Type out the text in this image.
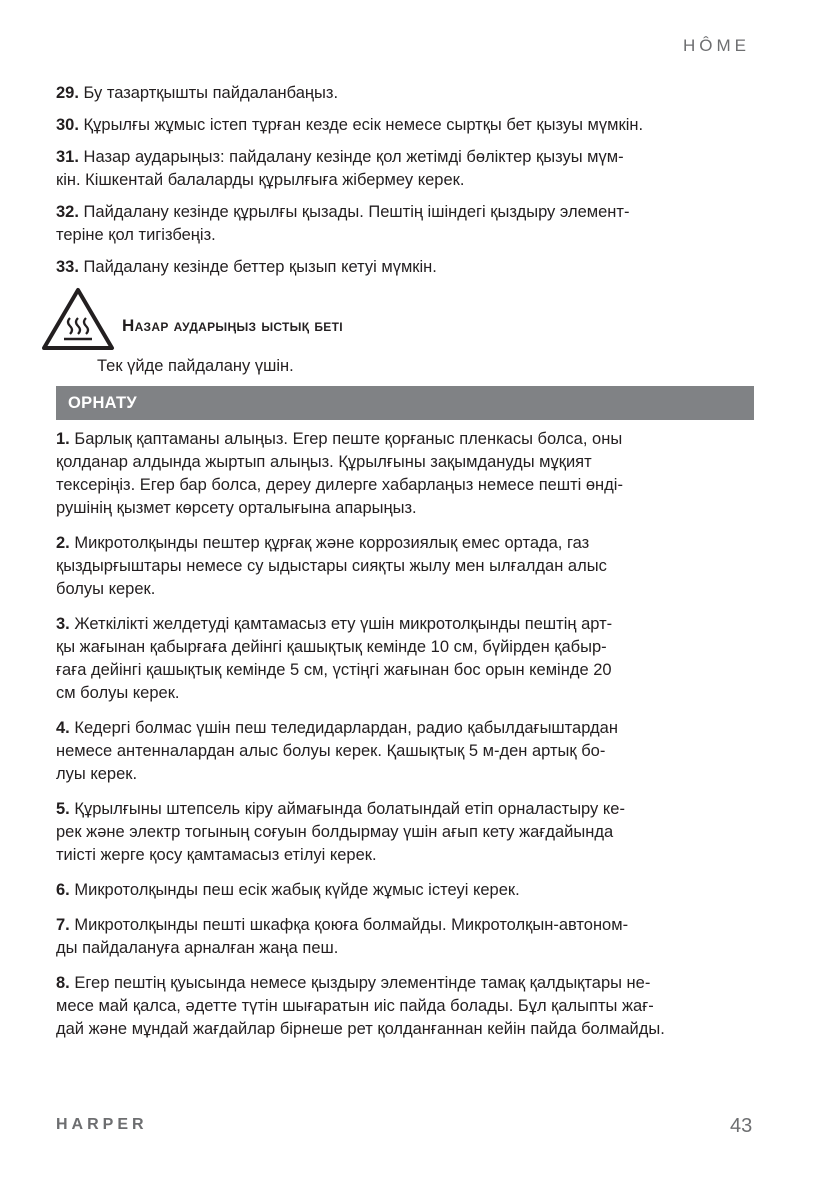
HÔME

29. Бу тазартқышты пайдаланбаңыз.

30. Құрылғы жұмыс істеп тұрған кезде есік немесе сыртқы бет қызуы мүмкін.

31. Назар аударыңыз: пайдалану кезінде қол жетімді бөліктер қызуы мүм-
кін. Кішкентай балаларды құрылғыға жібермеу керек.

32. Пайдалану кезінде құрылғы қызады. Пештің ішіндегі қыздыру элемент-
теріне қол тигізбеңіз.

33. Пайдалану кезінде беттер қызып кетуі мүмкін.

Назар аударыңыз ыстық беті
Тек үйде пайдалану үшін.
ОРНАТУ

1. Барлық қаптаманы алыңыз. Егер пеште қорғаныс пленкасы болса, оны
қолданар алдында жыртып алыңыз. Құрылғыны зақымдануды мұқият
тексеріңіз. Егер бар болса, дереу дилерге хабарлаңыз немесе пешті өнді-
рушінің қызмет көрсету орталығына апарыңыз.

2. Микротолқынды пештер құрғақ және коррозиялық емес ортада, газ
қыздырғыштары немесе су ыдыстары сияқты жылу мен ылғалдан алыс
болуы керек.

3. Жеткілікті желдетуді қамтамасыз ету үшін микротолқынды пештің арт-
қы жағынан қабырғаға дейінгі қашықтық кемінде 10 см, бүйірден қабыр-
ғаға дейінгі қашықтық кемінде 5 см, үстіңгі жағынан бос орын кемінде 20
см болуы керек.

4. Кедергі болмас үшін пеш теледидарлардан, радио қабылдағыштардан
немесе антенналардан алыс болуы керек. Қашықтық 5 м-ден артық бо-
луы керек.

5. Құрылғыны штепсель кіру аймағында болатындай етіп орналастыру ке-
рек және электр тогының соғуын болдырмау үшін ағып кету жағдайында
тиісті жерге қосу қамтамасыз етілуі керек.

6. Микротолқынды пеш есік жабық күйде жұмыс істеуі керек.

7. Микротолқынды пешті шкафқа қоюға болмайды. Микротолқын-автоном-
ды пайдалануға арналған жаңа пеш.

8. Егер пештің қуысында немесе қыздыру элементінде тамақ қалдықтары не-
месе май қалса, әдетте түтін шығаратын иіс пайда болады. Бұл қалыпты жағ-
дай және мұндай жағдайлар бірнеше рет қолданғаннан кейін пайда болмайды.

HARPER	43
